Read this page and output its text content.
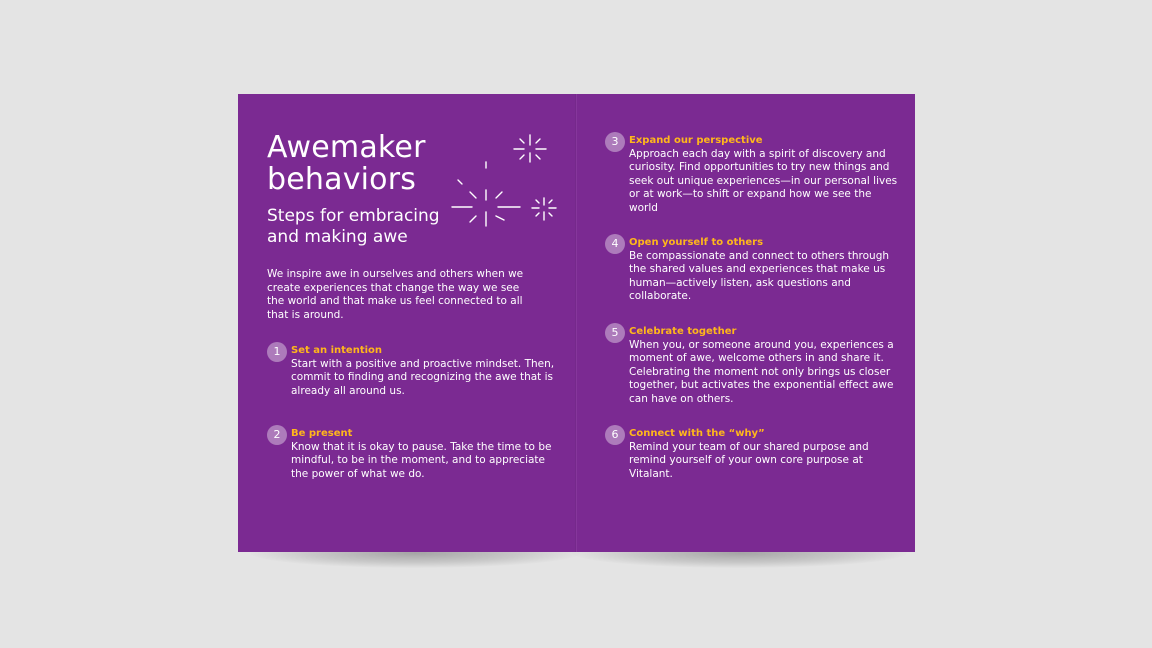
Awemaker
behaviors
Steps for embracing
and making awe

We inspire awe in ourselves and others when we create experiences that change the way we see the world and that make us feel connected to all that is around.

1	Set an intention

Start with a positive and proactive mindset. Then, commit to finding and recognizing the awe that is already all around us.

2	Be present

Know that it is okay to pause. Take the time to be mindful, to be in the moment, and to appreciate the power of what we do.

3	Expand our perspective

Approach each day with a spirit of discovery and curiosity. Find opportunities to try new things and seek out unique experiences—in our personal lives or at work—to shift or expand how we see the world

4	Open yourself to others

Be compassionate and connect to others through the shared values and experiences that make us human—actively listen, ask questions and collaborate.

5	Celebrate together

When you, or someone around you, experiences a moment of awe, welcome others in and share it. Celebrating the moment not only brings us closer together, but activates the exponential effect awe can have on others.

6	Connect with the “why”

Remind your team of our shared purpose and remind yourself of your own core purpose at Vitalant.
